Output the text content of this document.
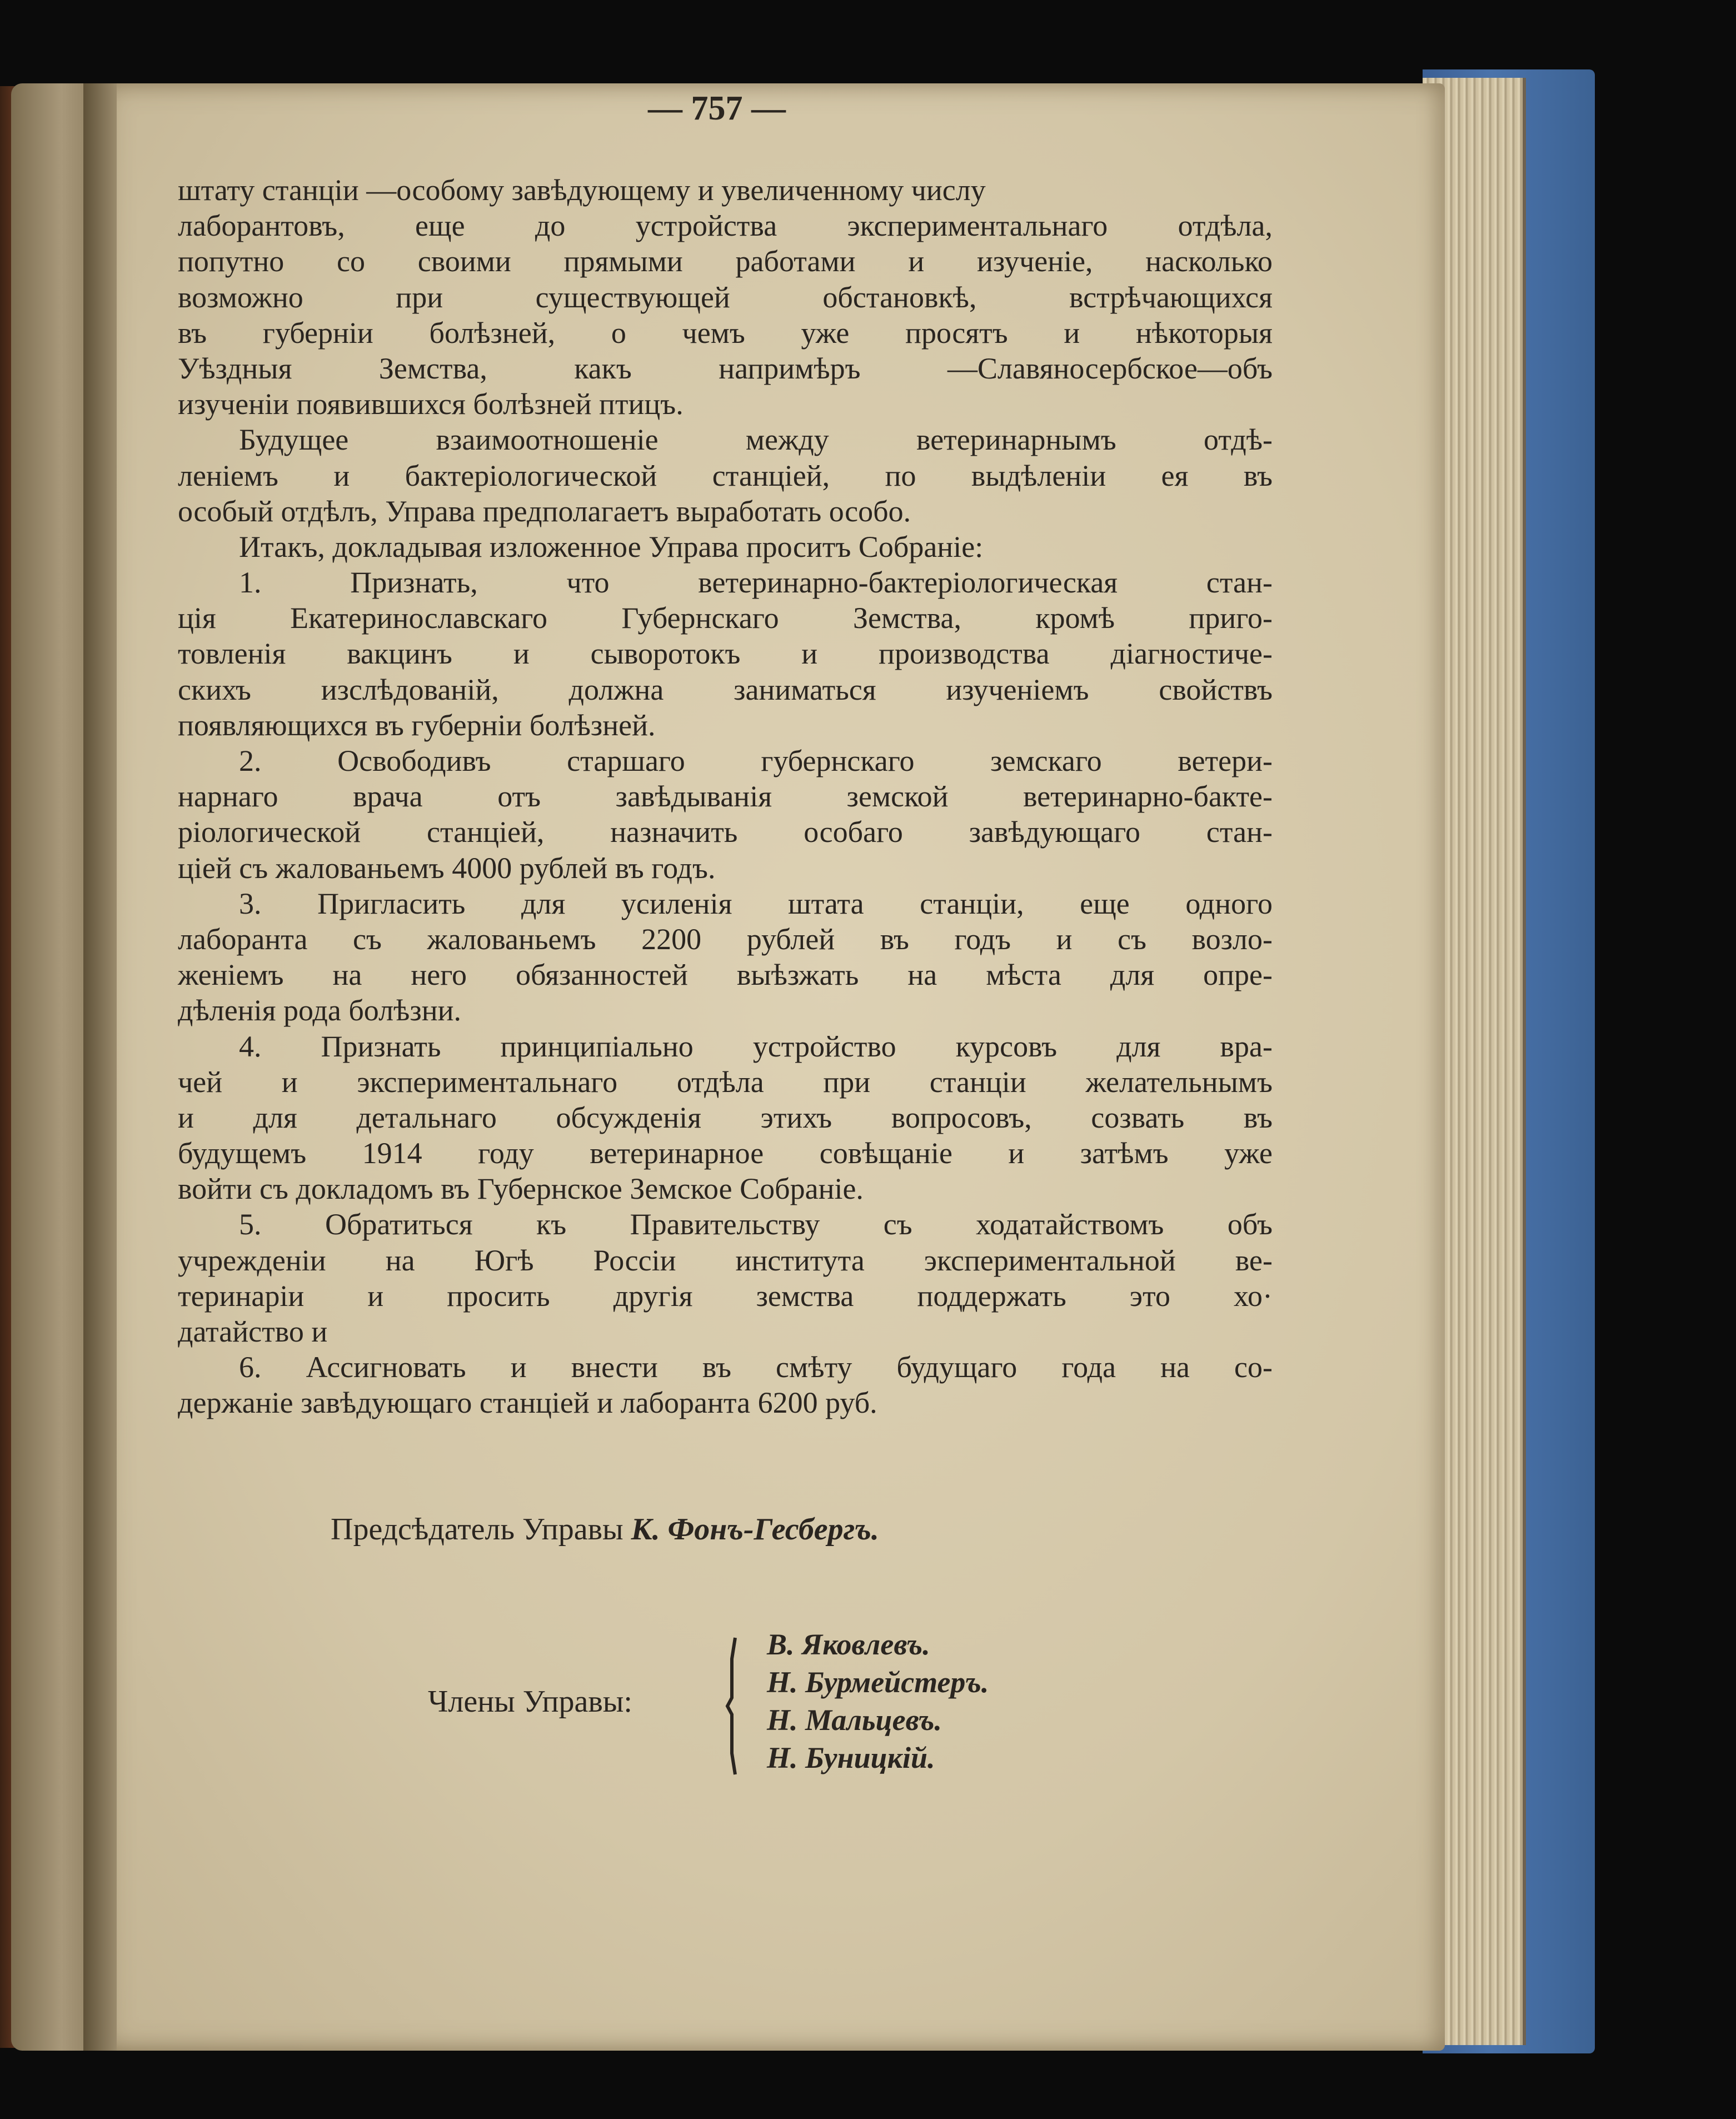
— 757 —
штату станціи —особому завѣдующему и увеличенному числу
лаборантовъ, еще до устройства экспериментальнаго отдѣла,
попутно со своими прямыми работами и изученіе, насколько
возможно при существующей обстановкѣ, встрѣчающихся
въ губерніи болѣзней, о чемъ уже просятъ и нѣкоторыя
Уѣздныя Земства, какъ напримѣръ —Славяносербское—объ
изученіи появившихся болѣзней птицъ.
Будущее взаимоотношеніе между ветеринарнымъ отдѣ-
леніемъ и бактеріологической станціей, по выдѣленіи ея въ
особый отдѣлъ, Управа предполагаетъ выработать особо.
Итакъ, докладывая изложенное Управа проситъ Собраніе:
1. Признать, что ветеринарно-бактеріологическая стан-
ція Екатеринославскаго Губернскаго Земства, кромѣ приго-
товленія вакцинъ и сыворотокъ и производства діагностиче-
скихъ изслѣдованій, должна заниматься изученіемъ свойствъ
появляющихся въ губерніи болѣзней.
2. Освободивъ старшаго губернскаго земскаго ветери-
нарнаго врача отъ завѣдыванія земской ветеринарно-бакте-
ріологической станціей, назначить особаго завѣдующаго стан-
ціей съ жалованьемъ 4000 рублей въ годъ.
3. Пригласить для усиленія штата станціи, еще одного
лаборанта съ жалованьемъ 2200 рублей въ годъ и съ возло-
женіемъ на него обязанностей выѣзжать на мѣста для опре-
дѣленія рода болѣзни.
4. Признать принципіально устройство курсовъ для вра-
чей и экспериментальнаго отдѣла при станціи желательнымъ
и для детальнаго обсужденія этихъ вопросовъ, созвать въ
будущемъ 1914 году ветеринарное совѣщаніе и затѣмъ уже
войти съ докладомъ въ Губернское Земское Собраніе.
5. Обратиться къ Правительству съ ходатайствомъ объ
учрежденіи на Югѣ Россіи института экспериментальной ве-
теринаріи и просить другія земства поддержать это хо·
датайство и
6. Ассигновать и внести въ смѣту будущаго года на со-
держаніе завѣдующаго станціей и лаборанта 6200 руб.
Предсѣдатель Управы К. Фонъ-Гесбергъ.
Члены Управы:
В. Яковлевъ.
Н. Бурмейстеръ.
Н. Мальцевъ.
Н. Буницкій.
